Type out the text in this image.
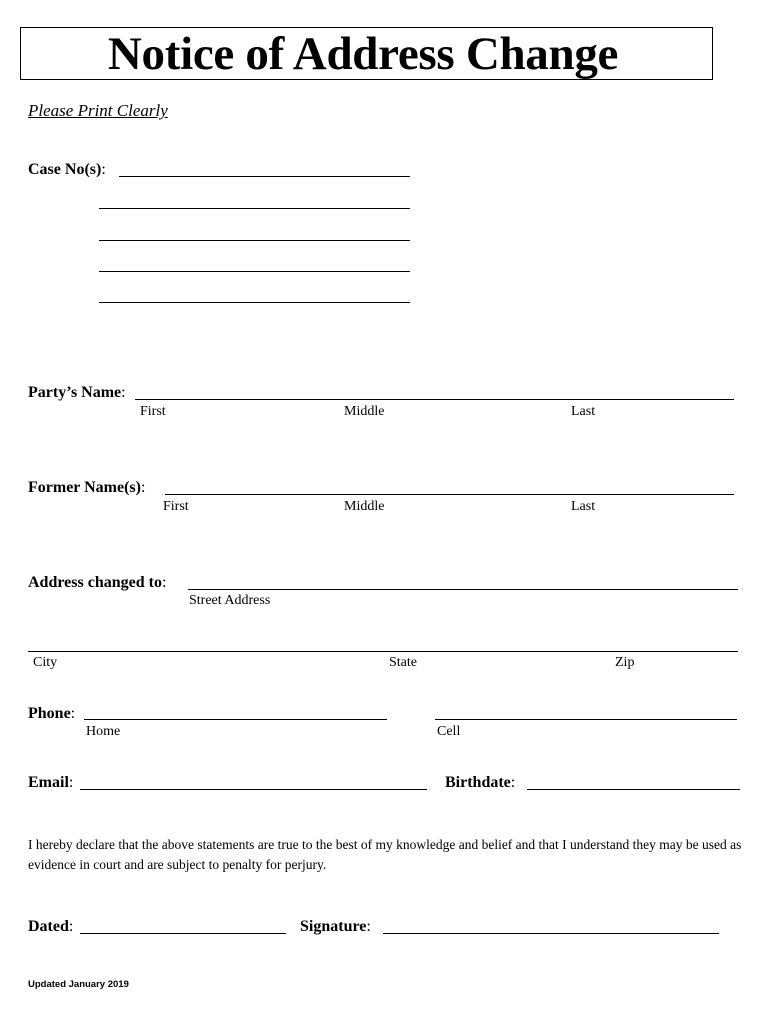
Notice of Address Change
Please Print Clearly
Case No(s):
Party’s Name:
First	Middle	Last
Former Name(s):
First	Middle	Last
Address changed to:
Street Address
City	State	Zip
Phone:
Home	Cell
Email:	Birthdate:
I hereby declare that the above statements are true to the best of my knowledge and belief and that I understand they may be used as evidence in court and are subject to penalty for perjury.
Dated:	Signature:
Updated January 2019
